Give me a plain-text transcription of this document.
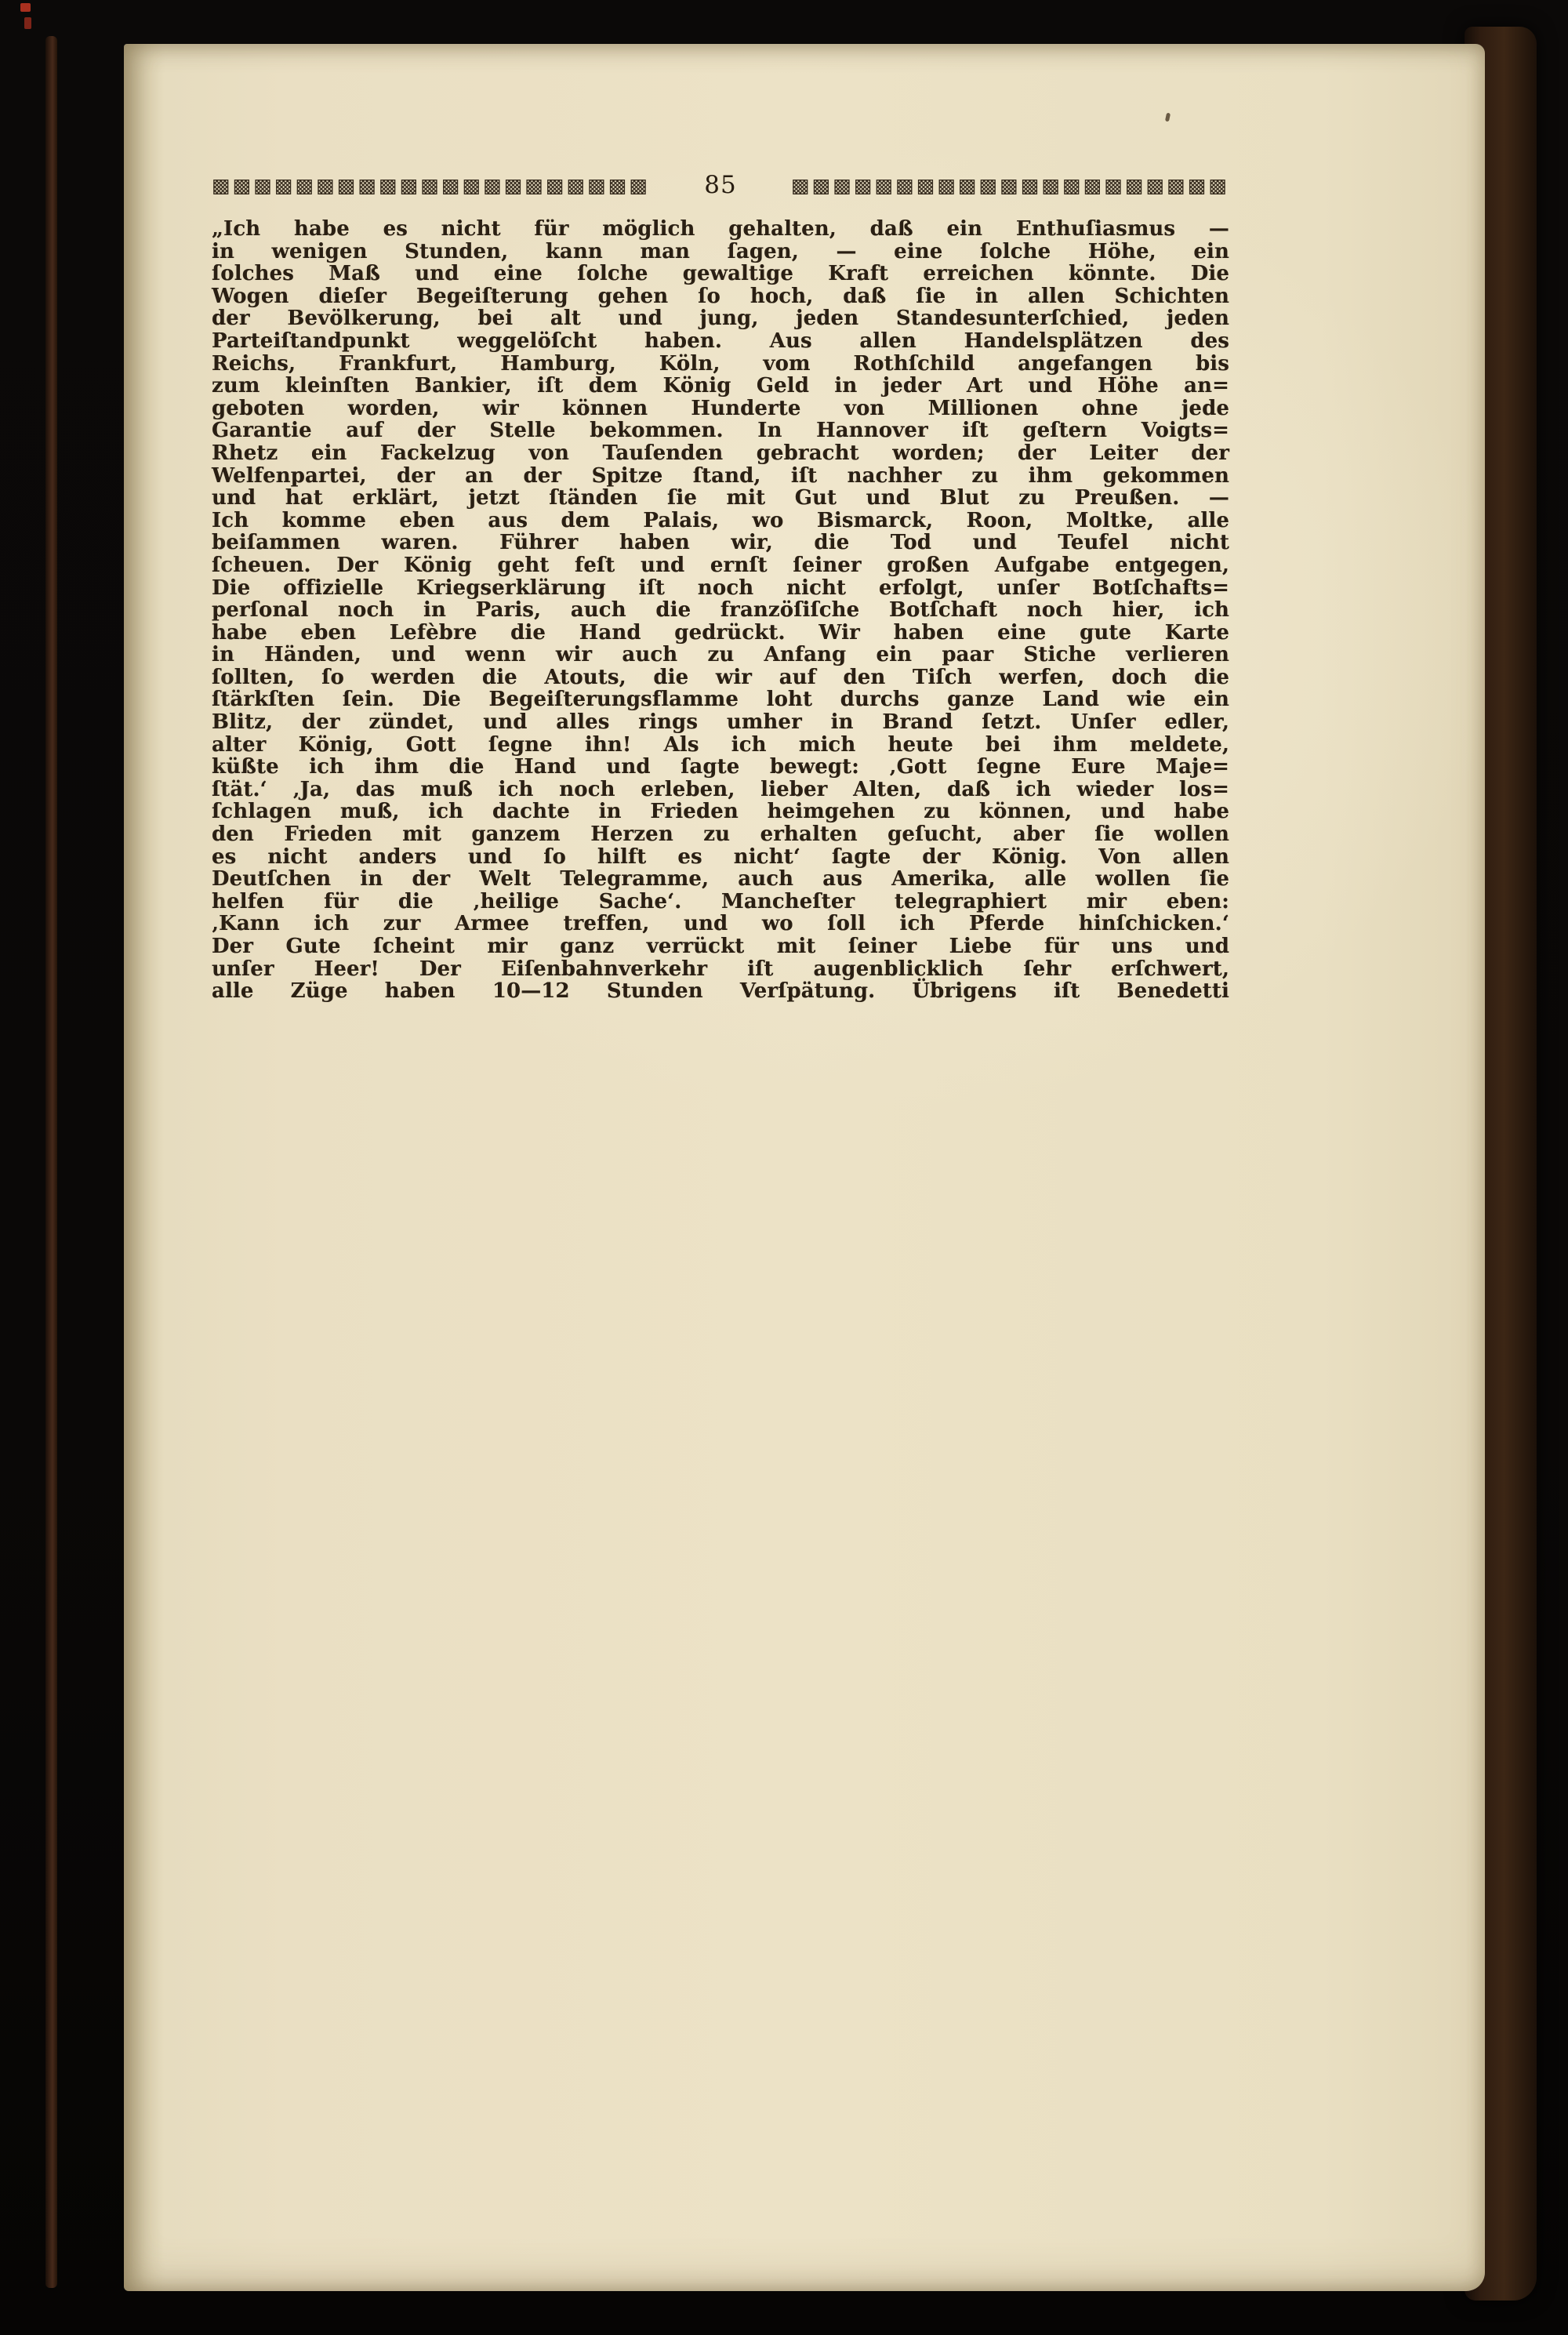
▩▩▩▩▩▩▩▩▩▩▩▩▩▩▩▩▩▩▩▩▩	85	▩▩▩▩▩▩▩▩▩▩▩▩▩▩▩▩▩▩▩▩▩
„Ich habe es nicht für möglich gehalten, daß ein Enthuſiasmus —
in wenigen Stunden, kann man ſagen, — eine ſolche Höhe, ein
ſolches Maß und eine ſolche gewaltige Kraft erreichen könnte. Die
Wogen dieſer Begeiſterung gehen ſo hoch, daß ſie in allen Schichten
der Bevölkerung, bei alt und jung, jeden Standesunterſchied, jeden
Parteiſtandpunkt weggelöſcht haben. Aus allen Handelsplätzen des
Reichs, Frankfurt, Hamburg, Köln, vom Rothſchild angefangen bis
zum kleinſten Bankier, iſt dem König Geld in jeder Art und Höhe an=
geboten worden, wir können Hunderte von Millionen ohne jede
Garantie auf der Stelle bekommen. In Hannover iſt geſtern Voigts=
Rhetz ein Fackelzug von Tauſenden gebracht worden; der Leiter der
Welfenpartei, der an der Spitze ſtand, iſt nachher zu ihm gekommen
und hat erklärt, jetzt ſtänden ſie mit Gut und Blut zu Preußen. —
Ich komme eben aus dem Palais, wo Bismarck, Roon, Moltke, alle
beiſammen waren. Führer haben wir, die Tod und Teufel nicht
ſcheuen. Der König geht feſt und ernſt ſeiner großen Aufgabe entgegen,
Die offizielle Kriegserklärung iſt noch nicht erfolgt, unſer Botſchafts=
perſonal noch in Paris, auch die franzöſiſche Botſchaft noch hier, ich
habe eben Lefèbre die Hand gedrückt. Wir haben eine gute Karte
in Händen, und wenn wir auch zu Anfang ein paar Stiche verlieren
ſollten, ſo werden die Atouts, die wir auf den Tiſch werfen, doch die
ſtärkſten ſein. Die Begeiſterungsflamme loht durchs ganze Land wie ein
Blitz, der zündet, und alles rings umher in Brand ſetzt. Unſer edler,
alter König, Gott ſegne ihn! Als ich mich heute bei ihm meldete,
küßte ich ihm die Hand und ſagte bewegt: ‚Gott ſegne Eure Maje=
ſtät.‘ ‚Ja, das muß ich noch erleben, lieber Alten, daß ich wieder los=
ſchlagen muß, ich dachte in Frieden heimgehen zu können, und habe
den Frieden mit ganzem Herzen zu erhalten geſucht, aber ſie wollen
es nicht anders und ſo hilft es nicht‘ ſagte der König. Von allen
Deutſchen in der Welt Telegramme, auch aus Amerika, alle wollen ſie
helfen für die ‚heilige Sache‘. Mancheſter telegraphiert mir eben:
‚Kann ich zur Armee treffen, und wo ſoll ich Pferde hinſchicken.‘
Der Gute ſcheint mir ganz verrückt mit ſeiner Liebe für uns und
unſer Heer! Der Eiſenbahnverkehr iſt augenblicklich ſehr erſchwert,
alle Züge haben 10—12 Stunden Verſpätung. Übrigens iſt Benedetti
